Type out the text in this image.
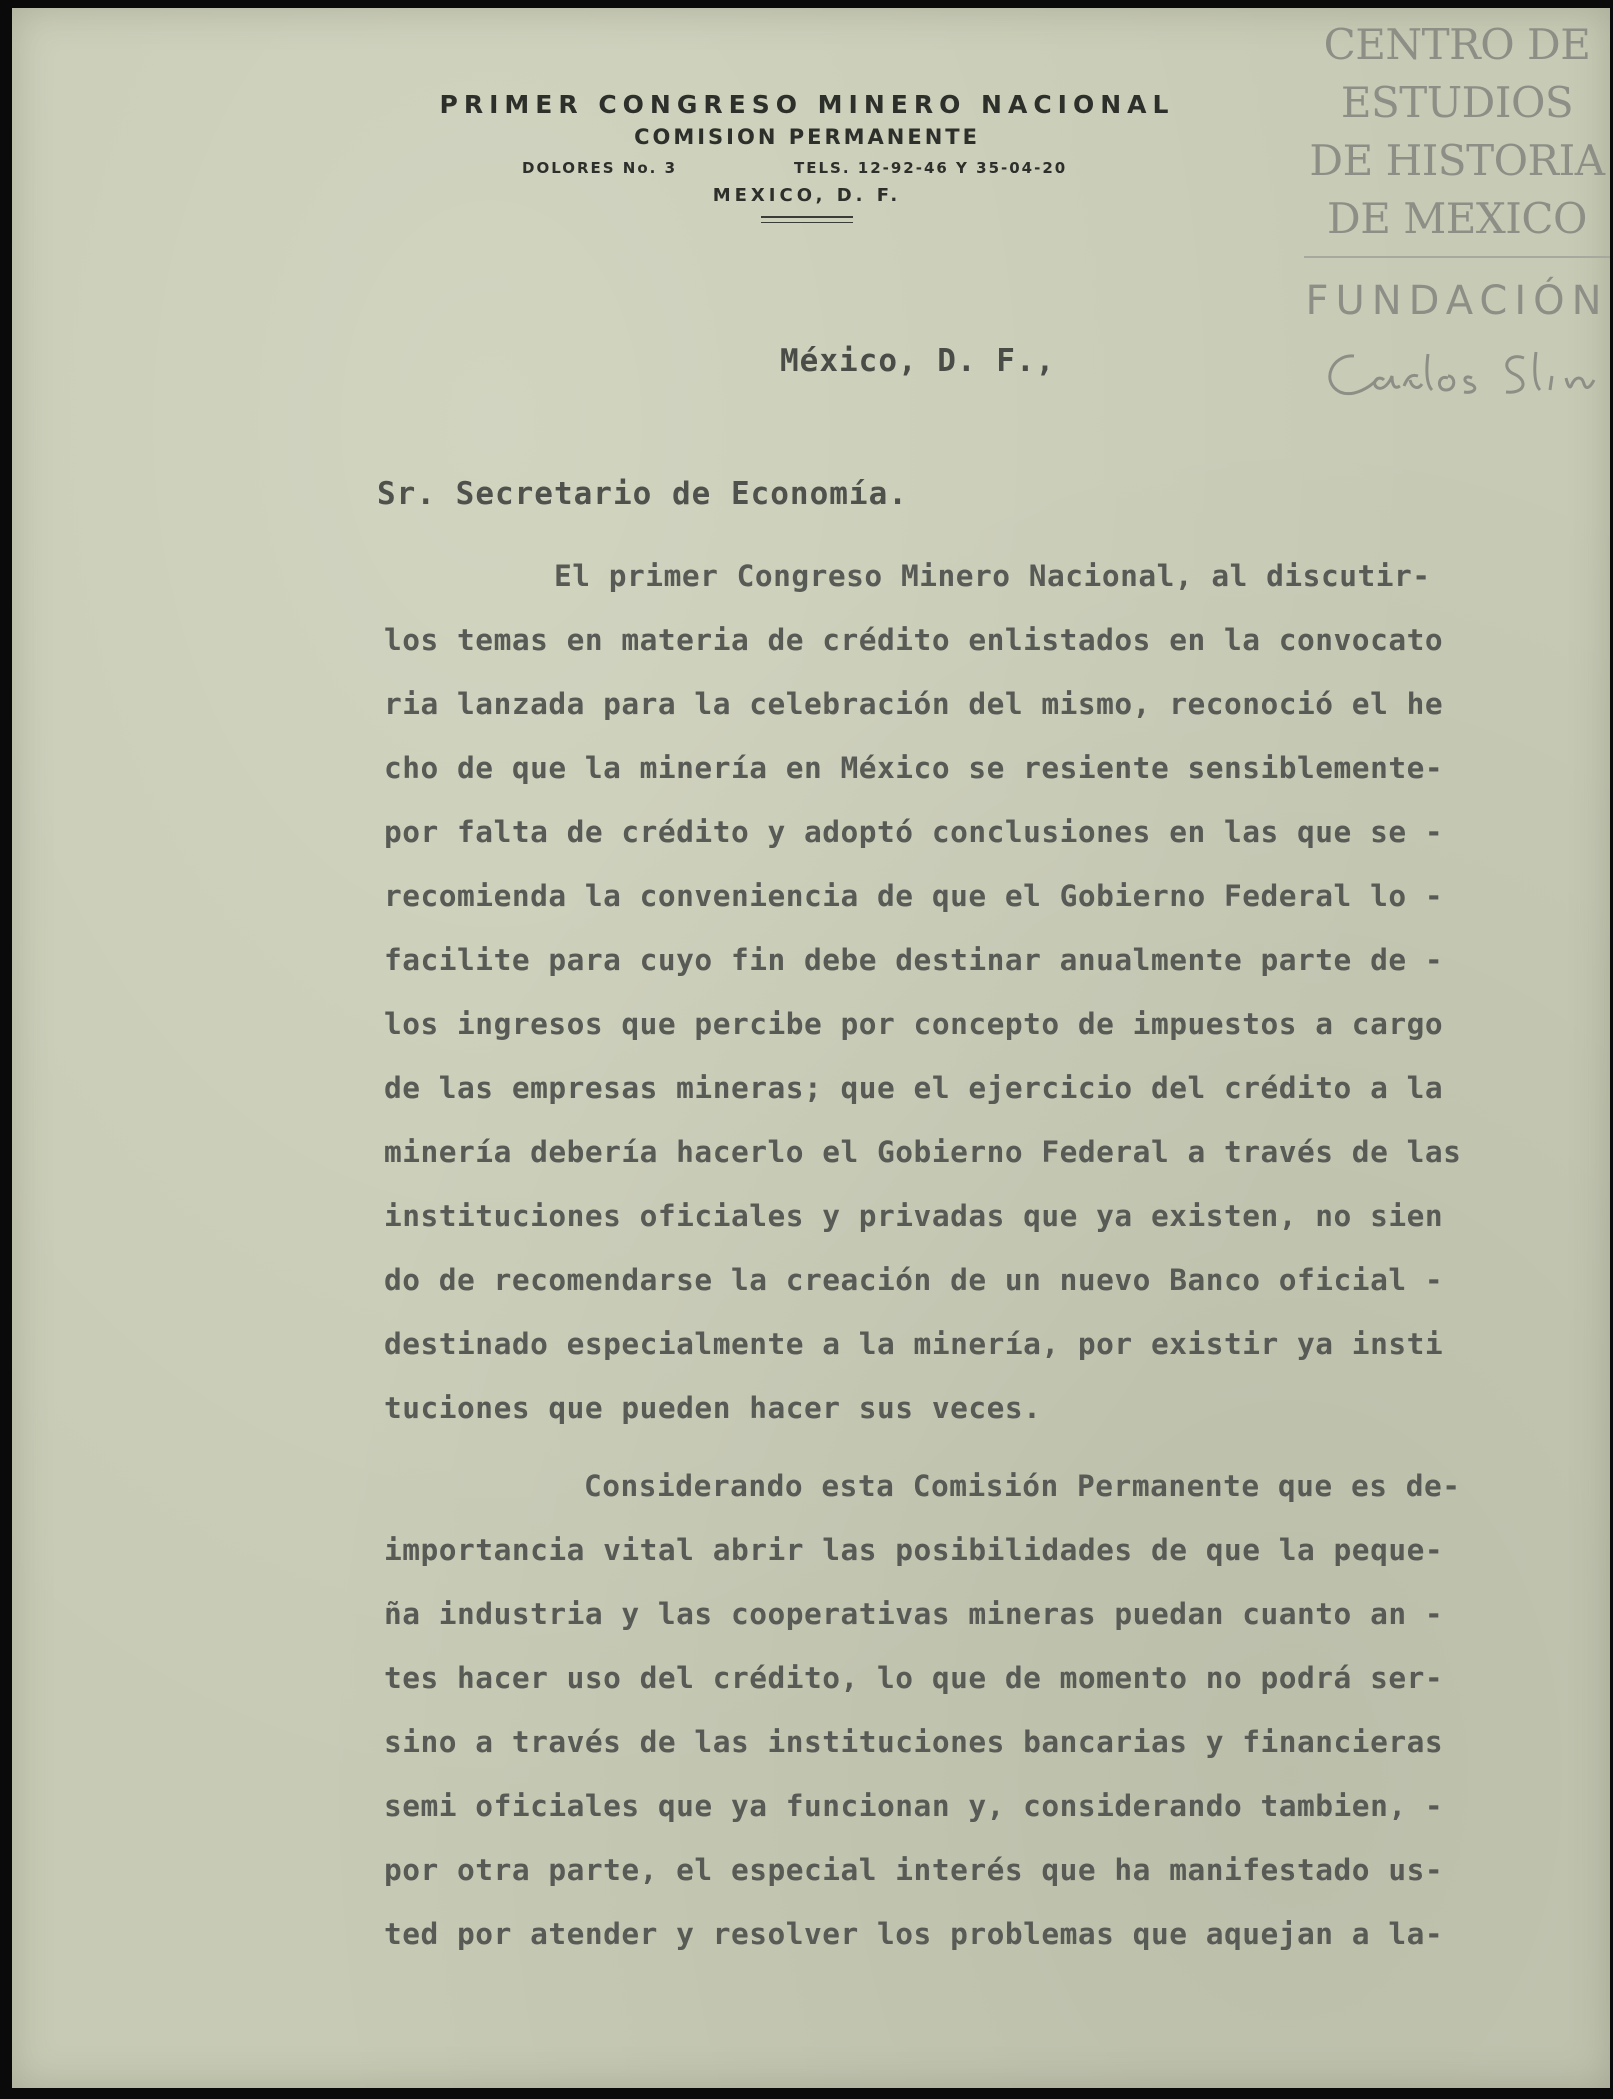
PRIMER CONGRESO MINERO NACIONAL
COMISION PERMANENTE
DOLORES No. 3	TELS. 12-92-46 Y 35-04-20
MEXICO, D. F.
CENTRO DE
ESTUDIOS
DE HISTORIA
DE MEXICO
FUNDACIÓN
México, D. F.,
Sr. Secretario de Economía.
El primer Congreso Minero Nacional, al discutir-
los temas en materia de crédito enlistados en la convocato
ria lanzada para la celebración del mismo, reconoció el he
cho de que la minería en México se resiente sensiblemente-
por falta de crédito y adoptó conclusiones en las que se -
recomienda la conveniencia de que el Gobierno Federal lo -
facilite para cuyo fin debe destinar anualmente parte de -
los ingresos que percibe por concepto de impuestos a cargo
de las empresas mineras; que el ejercicio del crédito a la
minería debería hacerlo el Gobierno Federal a través de las
instituciones oficiales y privadas que ya existen, no sien
do de recomendarse la creación de un nuevo Banco oficial -
destinado especialmente a la minería, por existir ya insti
tuciones que pueden hacer sus veces.
Considerando esta Comisión Permanente que es de-
importancia vital abrir las posibilidades de que la peque-
ña industria y las cooperativas mineras puedan cuanto an -
tes hacer uso del crédito, lo que de momento no podrá ser-
sino a través de las instituciones bancarias y financieras
semi oficiales que ya funcionan y, considerando tambien, -
por otra parte, el especial interés que ha manifestado us-
ted por atender y resolver los problemas que aquejan a la-
